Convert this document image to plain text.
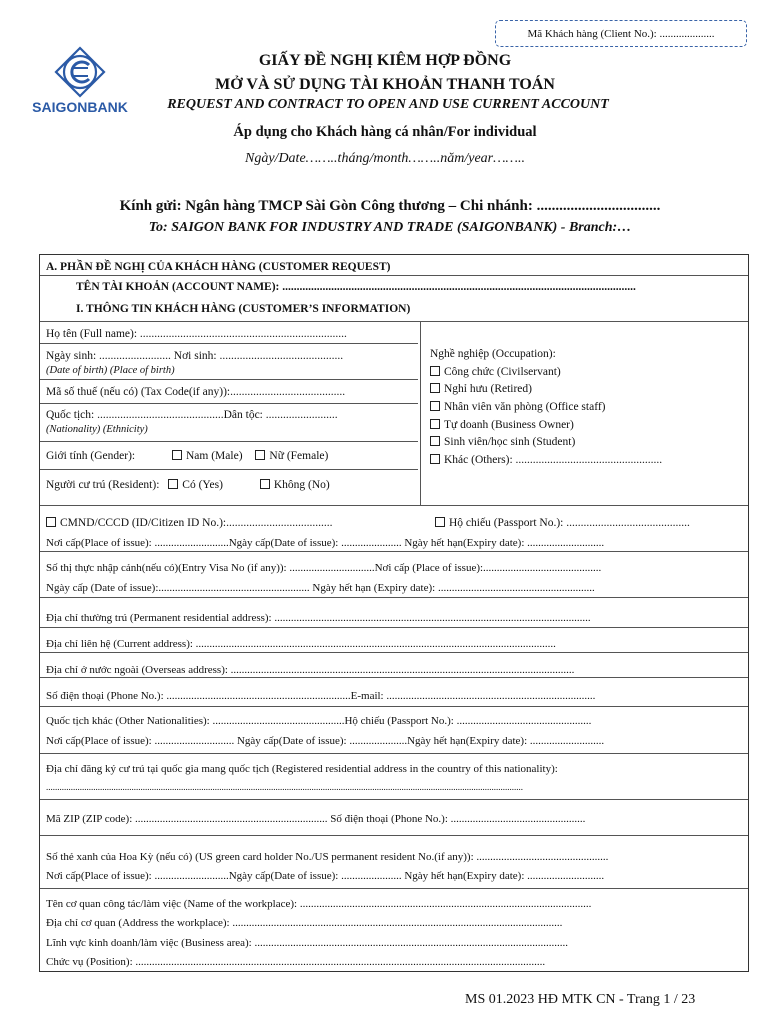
Mã Khách hàng (Client No.): ....................
SAIGONBANK
GIẤY ĐỀ NGHỊ KIÊM HỢP ĐỒNG
MỞ VÀ SỬ DỤNG TÀI KHOẢN THANH TOÁN
REQUEST AND CONTRACT TO OPEN AND USE CURRENT ACCOUNT
Áp dụng cho Khách hàng cá nhân/For individual
Ngày/Date……..tháng/month……..năm/year……..
Kính gửi: Ngân hàng TMCP Sài Gòn Công thương – Chi nhánh: .................................
To: SAIGON BANK FOR INDUSTRY AND TRADE (SAIGONBANK) - Branch:…
A. PHẦN ĐỀ NGHỊ CỦA KHÁCH HÀNG (CUSTOMER REQUEST)
TÊN TÀI KHOẢN (ACCOUNT NAME): ...........................................................................................................................
I. THÔNG TIN KHÁCH HÀNG (CUSTOMER’S INFORMATION)
Họ tên (Full name): ........................................................................
Ngày sinh: ......................... Nơi sinh: ...........................................
(Date of birth) (Place of birth)
Mã số thuế (nếu có) (Tax Code(if any)):........................................
Quốc tịch: ............................................Dân tộc: .........................
(Nationality) (Ethnicity)
Giới tính (Gender):	Nam (Male) Nữ (Female)
Người cư trú (Resident): Có (Yes)	Không (No)
Nghề nghiệp (Occupation):
Công chức (Civilservant)
Nghỉ hưu (Retired)
Nhân viên văn phòng (Office staff)
Tự doanh (Business Owner)
Sinh viên/học sinh (Student)
Khác (Others): ...................................................
CMND/CCCD (ID/Citizen ID No.):.....................................	Hộ chiếu (Passport No.): ...........................................
Nơi cấp(Place of issue): ...........................Ngày cấp(Date of issue): ...................... Ngày hết hạn(Expiry date): ............................
Số thị thực nhập cảnh(nếu có)(Entry Visa No (if any)): ...............................Nơi cấp (Place of issue):...........................................
Ngày cấp (Date of issue):....................................................... Ngày hết hạn (Expiry date): .........................................................
Địa chỉ thường trú (Permanent residential address): ...................................................................................................................
Địa chỉ liên hệ (Current address): ...................................................................................................................................
Địa chỉ ở nước ngoài (Overseas address): .............................................................................................................................
Số điện thoại (Phone No.): ...................................................................E-mail: ............................................................................
Quốc tịch khác (Other Nationalities): ................................................Hộ chiếu (Passport No.): .................................................
Nơi cấp(Place of issue): ............................. Ngày cấp(Date of issue): .....................Ngày hết hạn(Expiry date): ...........................
Địa chỉ đăng ký cư trú tại quốc gia mang quốc tịch (Registered residential address in the country of this nationality):
....................................................................................................................................................................................................................
Mã ZIP (ZIP code): ...................................................................... Số điện thoại (Phone No.): .................................................
Số thẻ xanh của Hoa Kỳ (nếu có) (US green card holder No./US permanent resident No.(if any)): ................................................
Nơi cấp(Place of issue): ...........................Ngày cấp(Date of issue): ...................... Ngày hết hạn(Expiry date): ............................
Tên cơ quan công tác/làm việc (Name of the workplace): ..........................................................................................................
Địa chỉ cơ quan (Address the workplace): ........................................................................................................................
Lĩnh vực kinh doanh/làm việc (Business area): ..................................................................................................................
Chức vụ (Position): .....................................................................................................................................................
MS 01.2023 HĐ MTK CN - Trang 1 / 23
